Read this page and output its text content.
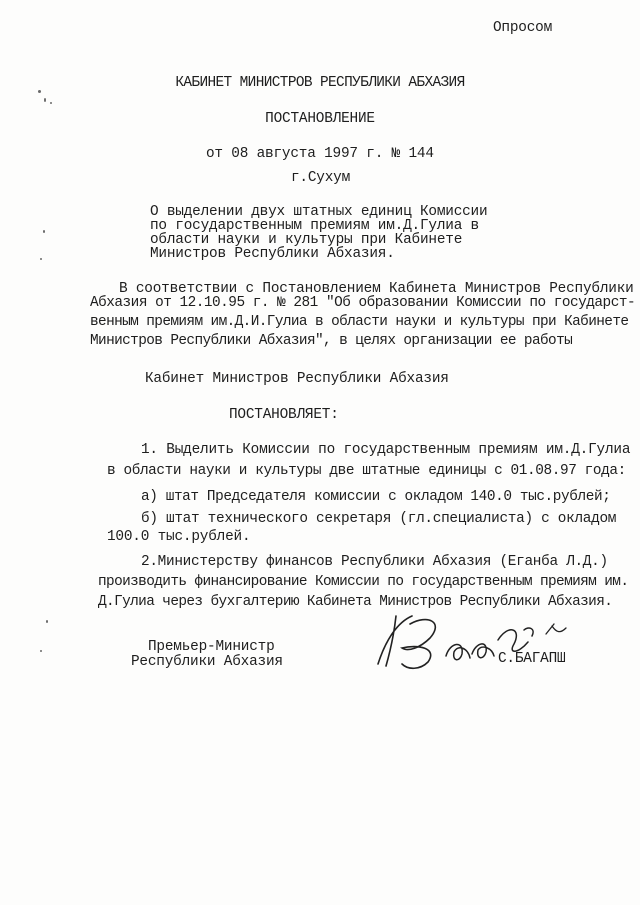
Опросом
КАБИНЕТ МИНИСТРОВ РЕСПУБЛИКИ АБХАЗИЯ
ПОСТАНОВЛЕНИЕ
от 08 августа 1997 г. № 144
г.Сухум
О выделении двух штатных единиц Комиссии
по государственным премиям им.Д.Гулиа в
области науки и культуры при Кабинете
Министров Республики Абхазия.
В соответствии с Постановлением Кабинета Министров Республики
Абхазия от 12.10.95 г. № 281 "Об образовании Комиссии по государст-
венным премиям им.Д.И.Гулиа в области науки и культуры при Кабинете
Министров Республики Абхазия", в целях организации ее работы
Кабинет Министров Республики Абхазия
ПОСТАНОВЛЯЕТ:
1. Выделить Комиссии по государственным премиям им.Д.Гулиа
в области науки и культуры две штатные единицы с 01.08.97 года:
а) штат Председателя комиссии с окладом 140.0 тыс.рублей;
б) штат технического секретаря (гл.специалиста) с окладом
100.0 тыс.рублей.
2.Министерству финансов Республики Абхазия (Еганба Л.Д.)
производить финансирование Комиссии по государственным премиям им.
Д.Гулиа через бухгалтерию Кабинета Министров Республики Абхазия.
Премьер-Министр
Республики Абхазия	С.БАГАПШ
